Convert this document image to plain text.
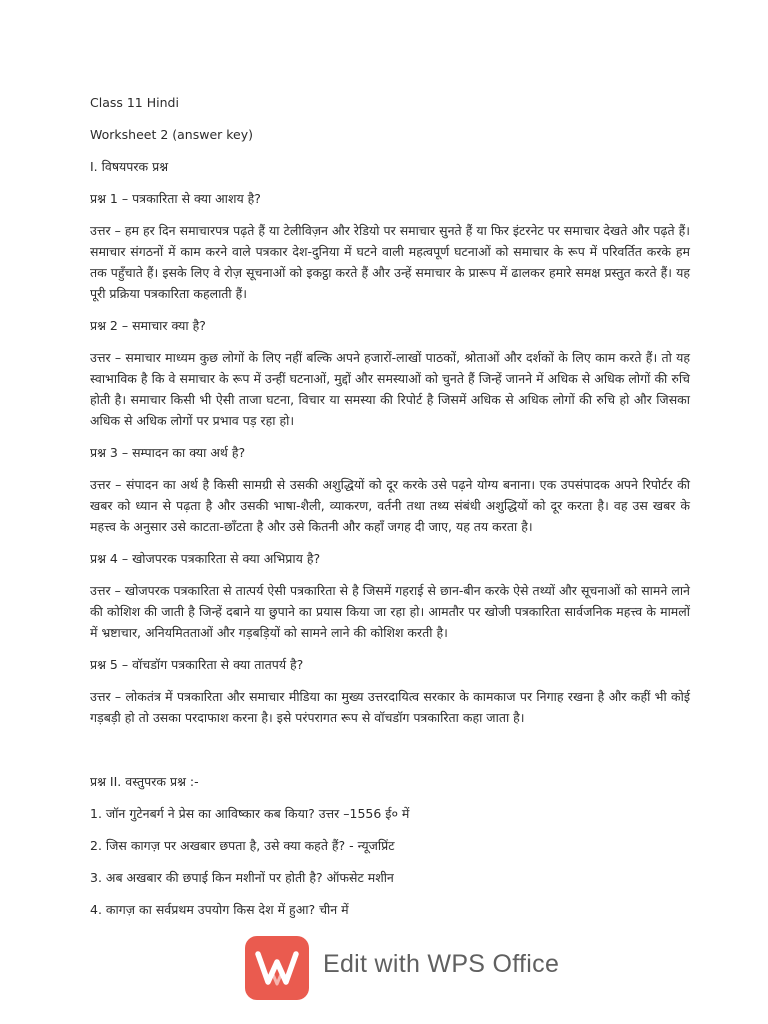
Class 11 Hindi
Worksheet 2 (answer key)
I. विषयपरक प्रश्न
प्रश्न 1 – पत्रकारिता से क्या आशय है?
उत्तर – हम हर दिन समाचारपत्र पढ़ते हैं या टेलीविज़न और रेडियो पर समाचार सुनते हैं या फिर इंटरनेट पर समाचार देखते और पढ़ते हैं। समाचार संगठनों में काम करने वाले पत्रकार देश-दुनिया में घटने वाली महत्वपूर्ण घटनाओं को समाचार के रूप में परिवर्तित करके हम तक पहुँचाते हैं। इसके लिए वे रोज़ सूचनाओं को इकट्ठा करते हैं और उन्हें समाचार के प्रारूप में ढालकर हमारे समक्ष प्रस्तुत करते हैं। यह पूरी प्रक्रिया पत्रकारिता कहलाती हैं।
प्रश्न 2 – समाचार क्या है?
उत्तर – समाचार माध्यम कुछ लोगों के लिए नहीं बल्कि अपने हजारों-लाखों पाठकों, श्रोताओं और दर्शकों के लिए काम करते हैं। तो यह स्वाभाविक है कि वे समाचार के रूप में उन्हीं घटनाओं, मुद्दों और समस्याओं को चुनते हैं जिन्हें जानने में अधिक से अधिक लोगों की रुचि होती है। समाचार किसी भी ऐसी ताजा घटना, विचार या समस्या की रिपोर्ट है जिसमें अधिक से अधिक लोगों की रुचि हो और जिसका अधिक से अधिक लोगों पर प्रभाव पड़ रहा हो।
प्रश्न 3 – सम्पादन का क्या अर्थ है?
उत्तर – संपादन का अर्थ है किसी सामग्री से उसकी अशुद्धियों को दूर करके उसे पढ़ने योग्य बनाना। एक उपसंपादक अपने रिपोर्टर की खबर को ध्यान से पढ़ता है और उसकी भाषा-शैली, व्याकरण, वर्तनी तथा तथ्य संबंधी अशुद्धियों को दूर करता है। वह उस खबर के महत्त्व के अनुसार उसे काटता-छाँटता है और उसे कितनी और कहाँ जगह दी जाए, यह तय करता है।
प्रश्न 4 – खोजपरक पत्रकारिता से क्या अभिप्राय है?
उत्तर – खोजपरक पत्रकारिता से तात्पर्य ऐसी पत्रकारिता से है जिसमें गहराई से छान-बीन करके ऐसे तथ्यों और सूचनाओं को सामने लाने की कोशिश की जाती है जिन्हें दबाने या छुपाने का प्रयास किया जा रहा हो। आमतौर पर खोजी पत्रकारिता सार्वजनिक महत्त्व के मामलों में भ्रष्टाचार, अनियमितताओं और गड़बड़ियों को सामने लाने की कोशिश करती है।
प्रश्न 5 – वॉचडॉग पत्रकारिता से क्या तातपर्य है?
उत्तर – लोकतंत्र में पत्रकारिता और समाचार मीडिया का मुख्य उत्तरदायित्व सरकार के कामकाज पर निगाह रखना है और कहीं भी कोई गड़बड़ी हो तो उसका परदाफाश करना है। इसे परंपरागत रूप से वॉचडॉग पत्रकारिता कहा जाता है।
प्रश्न II. वस्तुपरक प्रश्न :-
1. जॉन गुटेनबर्ग ने प्रेस का आविष्कार कब किया? उत्तर –1556 ई० में
2. जिस कागज़ पर अखबार छपता है, उसे क्या कहते हैं? - न्यूजप्रिंट
3. अब अखबार की छपाई किन मशीनों पर होती है? ऑफसेट मशीन
4. कागज़ का सर्वप्रथम उपयोग किस देश में हुआ? चीन में
Edit with WPS Office
